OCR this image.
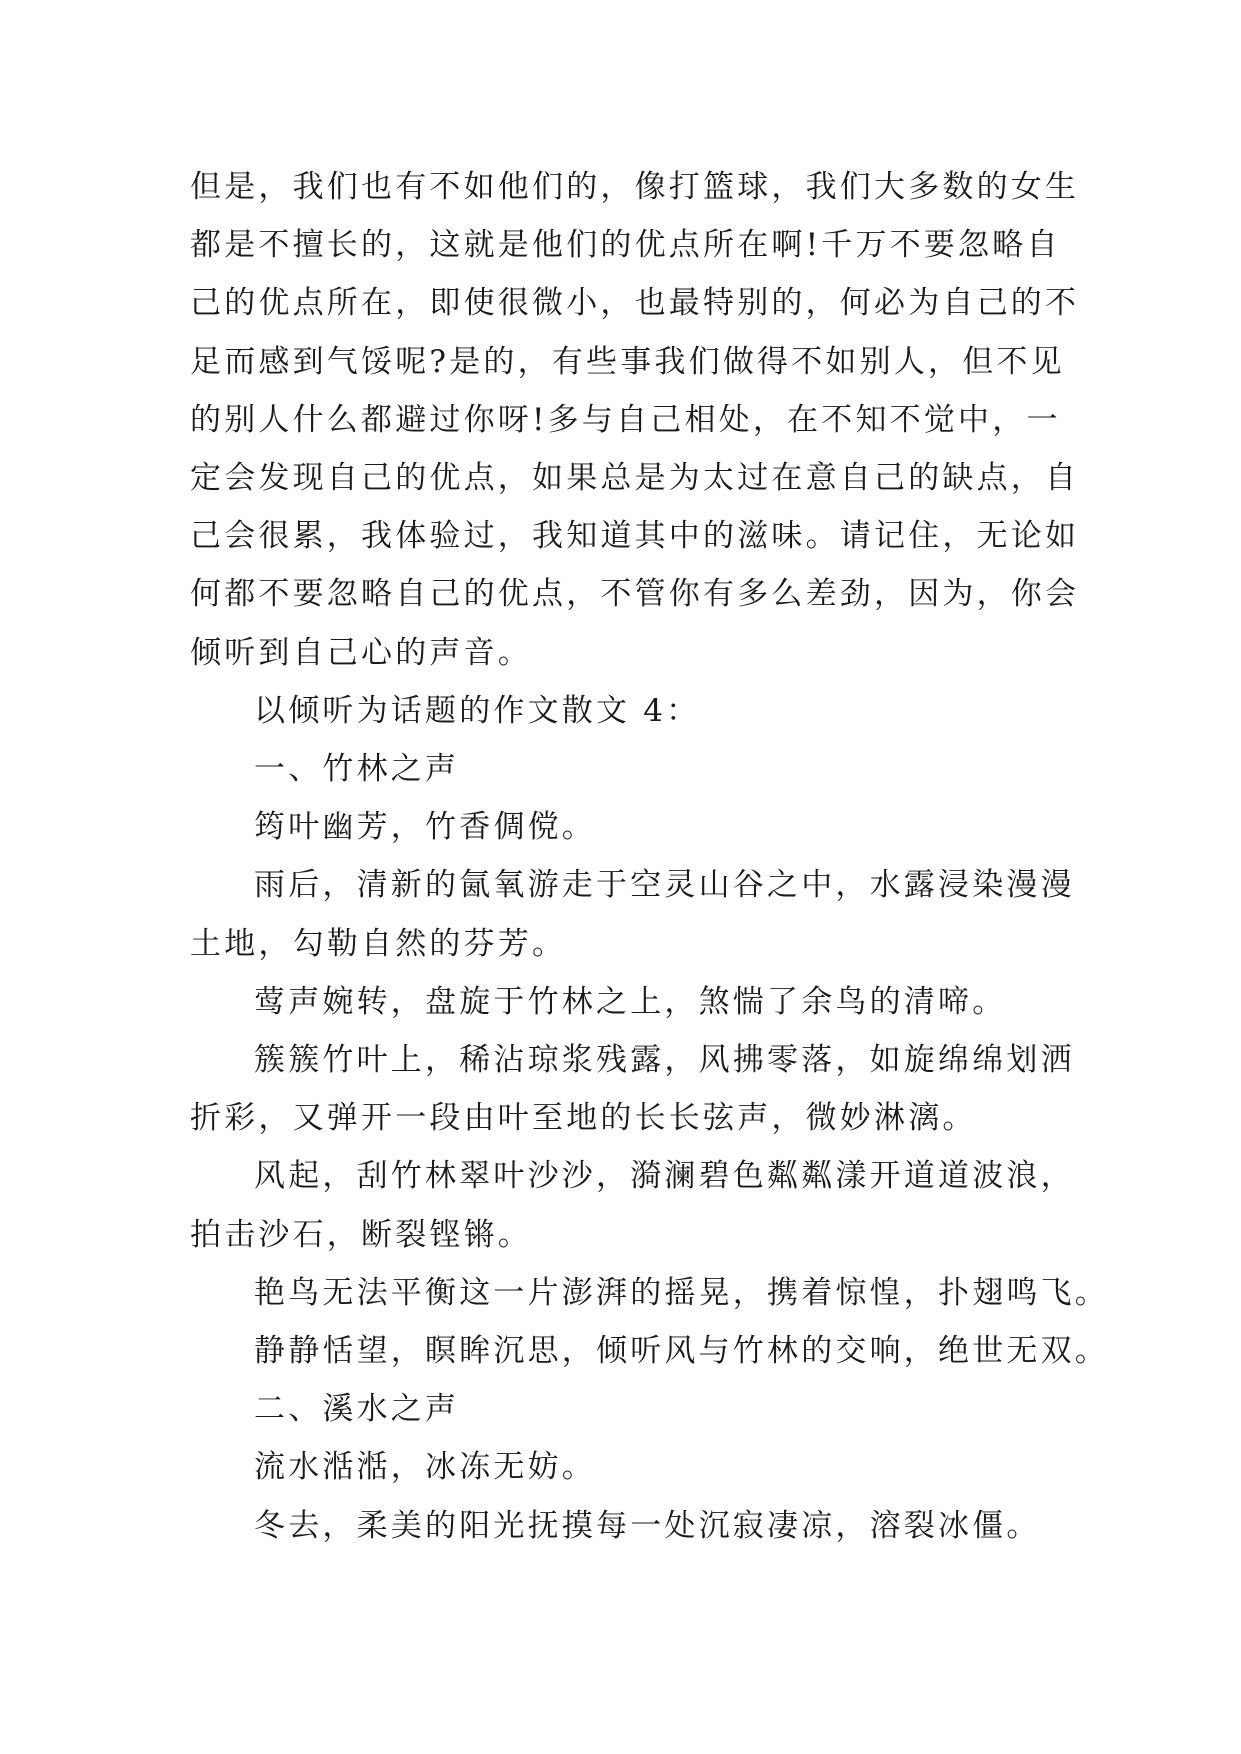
但是，我们也有不如他们的，像打篮球，我们大多数的女生

都是不擅长的，这就是他们的优点所在啊!千万不要忽略自

己的优点所在，即使很微小，也最特别的，何必为自己的不

足而感到气馁呢?是的，有些事我们做得不如别人，但不见

的别人什么都避过你呀!多与自己相处，在不知不觉中，一

定会发现自己的优点，如果总是为太过在意自己的缺点，自

己会很累，我体验过，我知道其中的滋味。请记住，无论如

何都不要忽略自己的优点，不管你有多么差劲，因为，你会

倾听到自己心的声音。

以倾听为话题的作文散文 4：

一、竹林之声

筠叶幽芳，竹香倜傥。

雨后，清新的氤氧游走于空灵山谷之中，水露浸染漫漫

土地，勾勒自然的芬芳。

莺声婉转，盘旋于竹林之上，煞惴了余鸟的清啼。

簇簇竹叶上，稀沾琼浆残露，风拂零落，如旋绵绵划洒

折彩，又弹开一段由叶至地的长长弦声，微妙淋漓。

风起，刮竹林翠叶沙沙，漪澜碧色粼粼漾开道道波浪，

拍击沙石，断裂铿锵。

艳鸟无法平衡这一片澎湃的摇晃，携着惊惶，扑翅鸣飞。

静静恬望，瞑眸沉思，倾听风与竹林的交响，绝世无双。

二、溪水之声

流水湉湉，冰冻无妨。

冬去，柔美的阳光抚摸每一处沉寂凄凉，溶裂冰僵。
